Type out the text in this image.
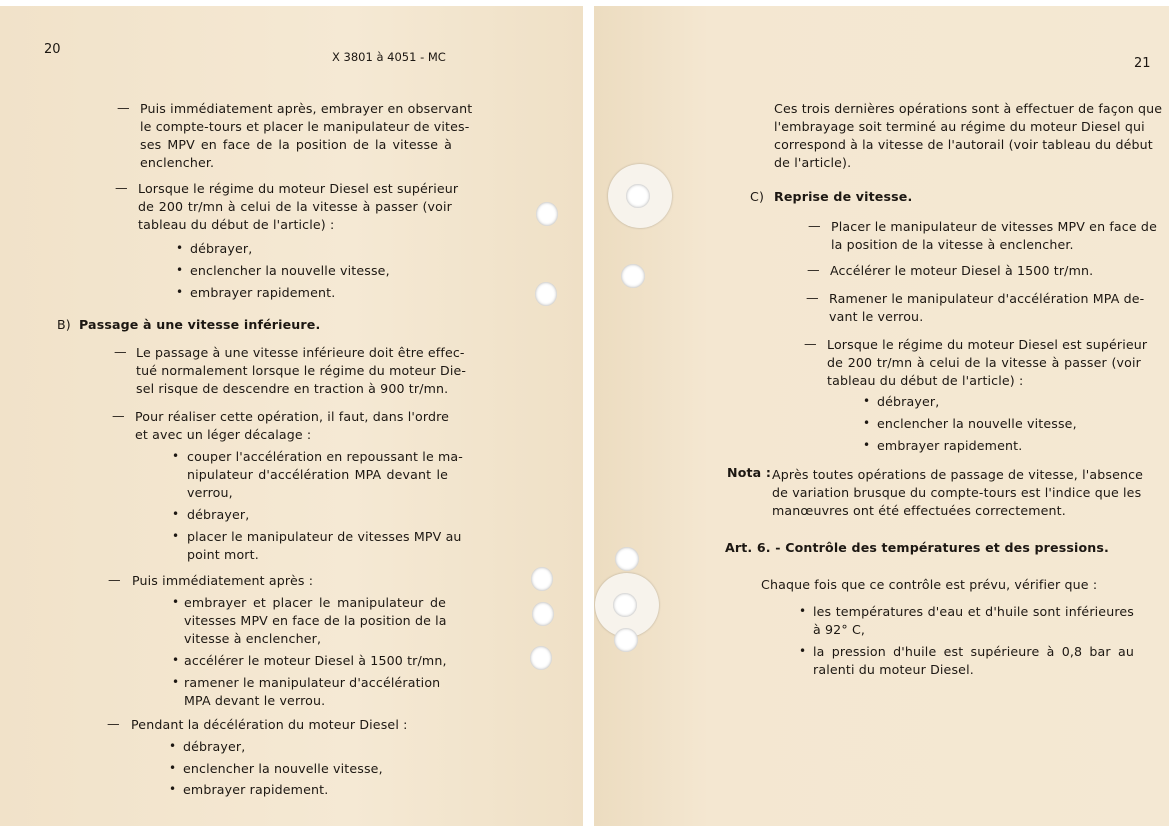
20	X 3801 à 4051 - MC
— Puis immédiatement après, embrayer en observant
le compte-tours et placer le manipulateur de vites-
ses MPV en face de la position de la vitesse à
enclencher.
— Lorsque le régime du moteur Diesel est supérieur
de 200 tr/mn à celui de la vitesse à passer (voir
tableau du début de l'article) :
• débrayer,
• enclencher la nouvelle vitesse,
• embrayer rapidement.
B) Passage à une vitesse inférieure.
— Le passage à une vitesse inférieure doit être effec-
tué normalement lorsque le régime du moteur Die-
sel risque de descendre en traction à 900 tr/mn.
— Pour réaliser cette opération, il faut, dans l'ordre
et avec un léger décalage :
• couper l'accélération en repoussant le ma-
nipulateur d'accélération MPA devant le
verrou,
• débrayer,
• placer le manipulateur de vitesses MPV au
point mort.
— Puis immédiatement après :
• embrayer et placer le manipulateur de
vitesses MPV en face de la position de la
vitesse à enclencher,
• accélérer le moteur Diesel à 1500 tr/mn,
• ramener le manipulateur d'accélération
MPA devant le verrou.
— Pendant la décélération du moteur Diesel :
• débrayer,
• enclencher la nouvelle vitesse,
• embrayer rapidement.
21
Ces trois dernières opérations sont à effectuer de façon que
l'embrayage soit terminé au régime du moteur Diesel qui
correspond à la vitesse de l'autorail (voir tableau du début
de l'article).
C) Reprise de vitesse.
— Placer le manipulateur de vitesses MPV en face de
la position de la vitesse à enclencher.
— Accélérer le moteur Diesel à 1500 tr/mn.
— Ramener le manipulateur d'accélération MPA de-
vant le verrou.
— Lorsque le régime du moteur Diesel est supérieur
de 200 tr/mn à celui de la vitesse à passer (voir
tableau du début de l'article) :
• débrayer,
• enclencher la nouvelle vitesse,
• embrayer rapidement.
Nota : Après toutes opérations de passage de vitesse, l'absence
de variation brusque du compte-tours est l'indice que les
manœuvres ont été effectuées correctement.
Art. 6. - Contrôle des températures et des pressions.
Chaque fois que ce contrôle est prévu, vérifier que :
• les températures d'eau et d'huile sont inférieures
à 92° C,
• la pression d'huile est supérieure à 0,8 bar au
ralenti du moteur Diesel.
